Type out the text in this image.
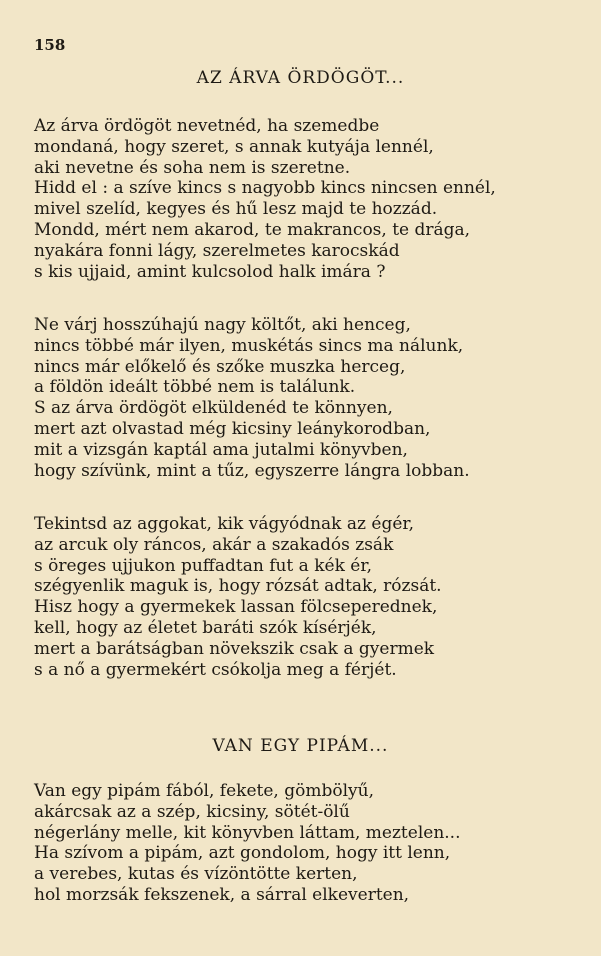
158
AZ ÁRVA ÖRDÖGÖT...
Az árva ördögöt nevetnéd, ha szemedbe
mondaná, hogy szeret, s annak kutyája lennél,
aki nevetne és soha nem is szeretne.
Hidd el : a szíve kincs s nagyobb kincs nincsen ennél,
mivel szelíd, kegyes és hű lesz majd te hozzád.
Mondd, mért nem akarod, te makrancos, te drága,
nyakára fonni lágy, szerelmetes karocskád
s kis ujjaid, amint kulcsolod halk imára ?
Ne várj hosszúhajú nagy költőt, aki henceg,
nincs többé már ilyen, muskétás sincs ma nálunk,
nincs már előkelő és szőke muszka herceg,
a földön ideált többé nem is találunk.
S az árva ördögöt elküldenéd te könnyen,
mert azt olvastad még kicsiny leánykorodban,
mit a vizsgán kaptál ama jutalmi könyvben,
hogy szívünk, mint a tűz, egyszerre lángra lobban.
Tekintsd az aggokat, kik vágyódnak az égér,
az arcuk oly ráncos, akár a szakadós zsák
s öreges ujjukon puffadtan fut a kék ér,
szégyenlik maguk is, hogy rózsát adtak, rózsát.
Hisz hogy a gyermekek lassan fölcseperednek,
kell, hogy az életet baráti szók kísérjék,
mert a barátságban növekszik csak a gyermek
s a nő a gyermekért csókolja meg a férjét.
VAN EGY PIPÁM...
Van egy pipám fából, fekete, gömbölyű,
akárcsak az a szép, kicsiny, sötét-ölű
négerlány melle, kit könyvben láttam, meztelen...
Ha szívom a pipám, azt gondolom, hogy itt lenn,
a verebes, kutas és vízöntötte kerten,
hol morzsák fekszenek, a sárral elkeverten,
